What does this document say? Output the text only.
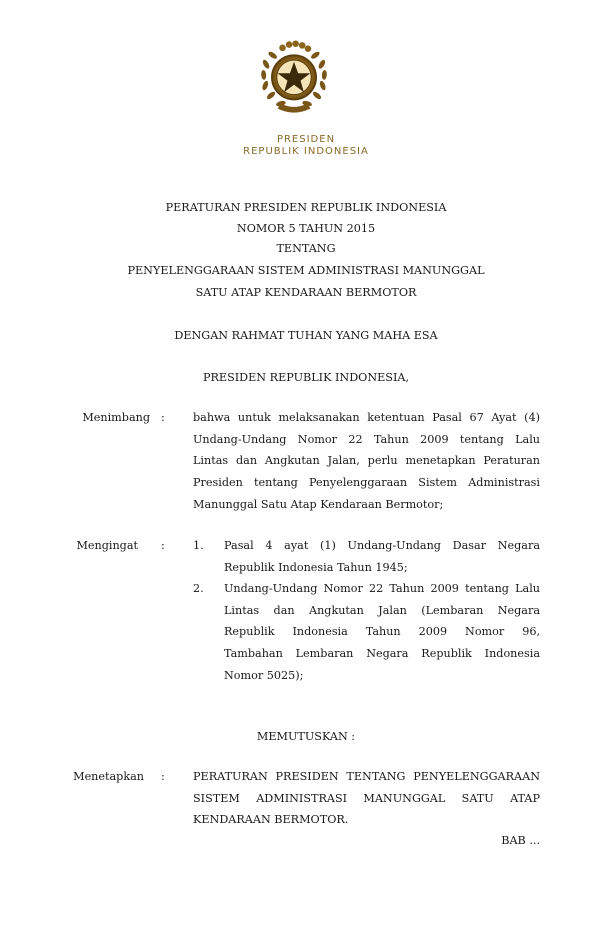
PRESIDEN
REPUBLIK INDONESIA
PERATURAN PRESIDEN REPUBLIK INDONESIA
NOMOR 5 TAHUN 2015
TENTANG
PENYELENGGARAAN SISTEM ADMINISTRASI MANUNGGAL
SATU ATAP KENDARAAN BERMOTOR
DENGAN RAHMAT TUHAN YANG MAHA ESA
PRESIDEN REPUBLIK INDONESIA,
Menimbang :	bahwa untuk melaksanakan ketentuan Pasal 67 Ayat (4)
Undang-Undang Nomor 22 Tahun 2009 tentang Lalu
Lintas dan Angkutan Jalan, perlu menetapkan Peraturan
Presiden tentang Penyelenggaraan Sistem Administrasi
Manunggal Satu Atap Kendaraan Bermotor;
Mengingat :	1. Pasal 4 ayat (1) Undang-Undang Dasar Negara
Republik Indonesia Tahun 1945;
2. Undang-Undang Nomor 22 Tahun 2009 tentang Lalu
Lintas dan Angkutan Jalan (Lembaran Negara
Republik Indonesia Tahun 2009 Nomor 96,
Tambahan Lembaran Negara Republik Indonesia
Nomor 5025);
MEMUTUSKAN :
Menetapkan :	PERATURAN PRESIDEN TENTANG PENYELENGGARAAN
SISTEM ADMINISTRASI MANUNGGAL SATU ATAP
KENDARAAN BERMOTOR.
BAB ...
